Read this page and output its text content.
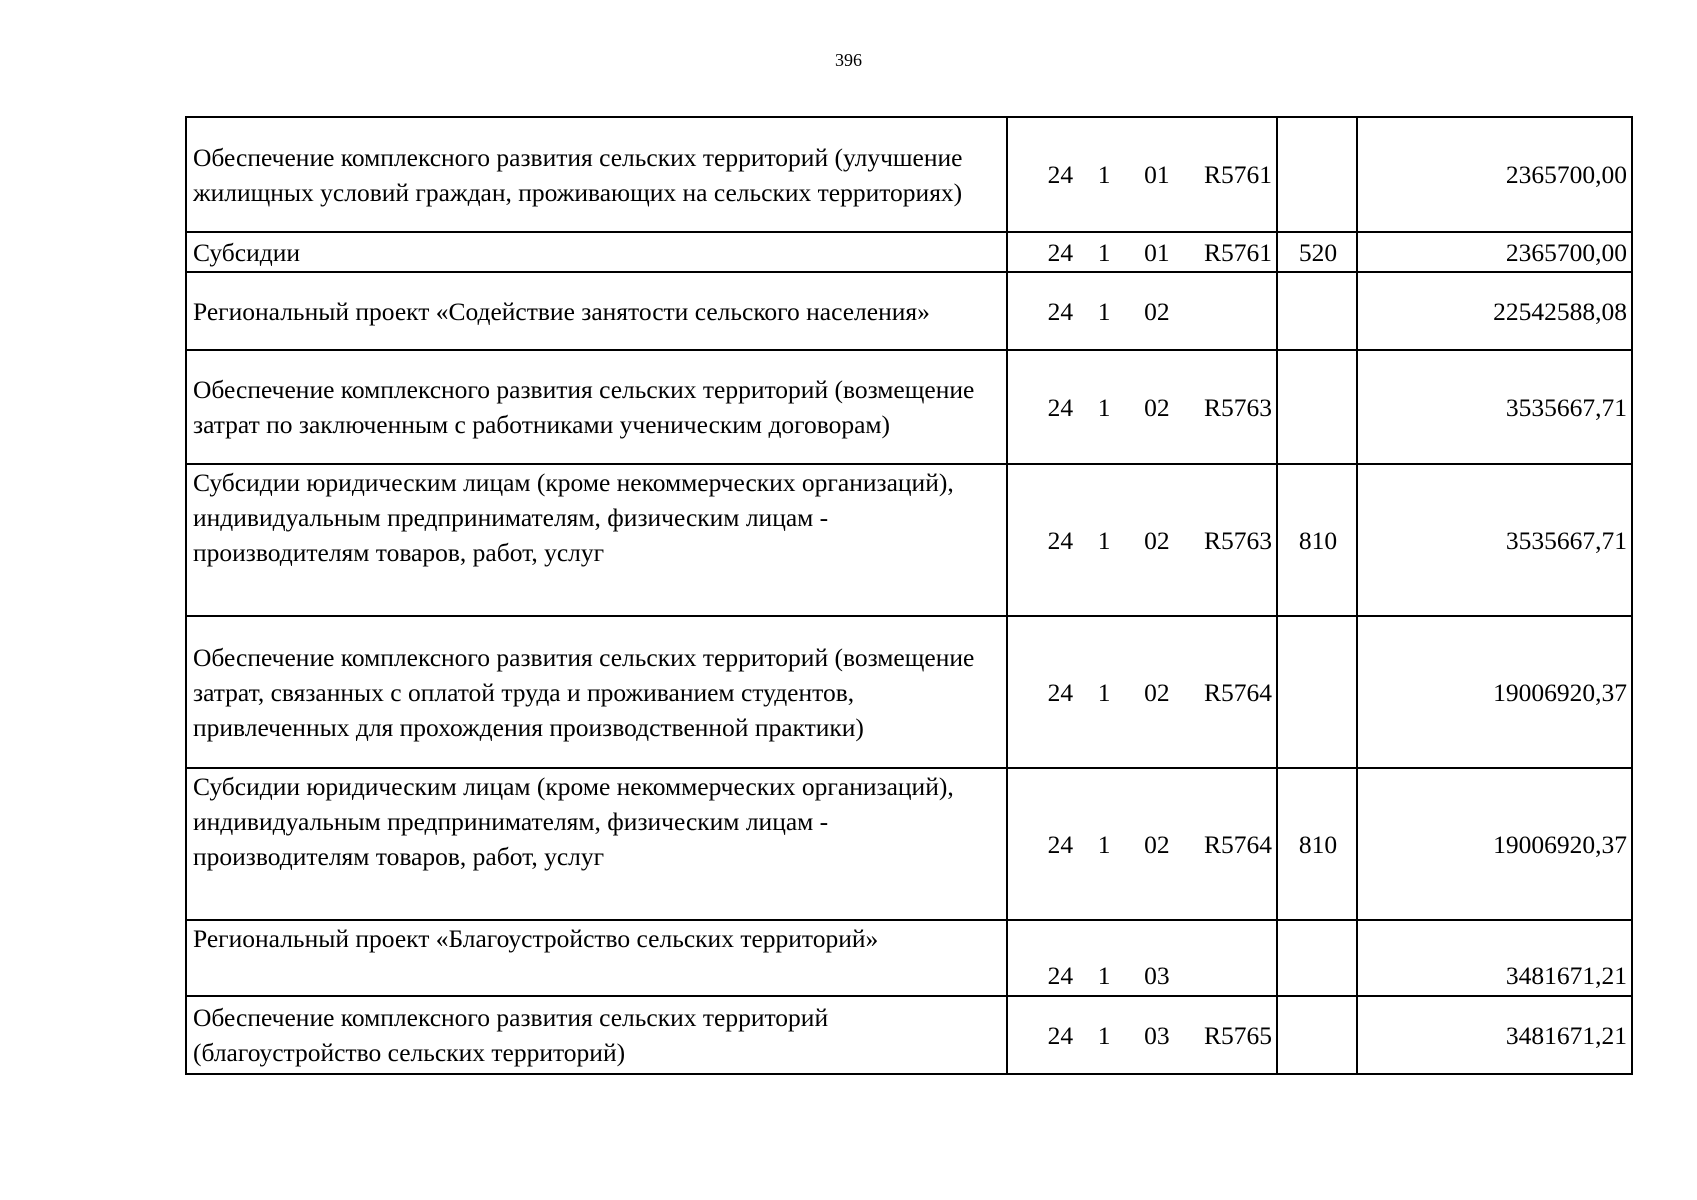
396
Обеспечение комплексного развития сельских территорий (улучшение жилищных условий граждан, проживающих на сельских территориях)	24 1 01 R5761		2365700,00
Субсидии	24 1 01 R5761	520	2365700,00
Региональный проект «Содействие занятости сельского населения»	24 1 02		22542588,08
Обеспечение комплексного развития сельских территорий (возмещение затрат по заключенным с работниками ученическим договорам)	24 1 02 R5763		3535667,71
Субсидии юридическим лицам (кроме некоммерческих организаций), индивидуальным предпринимателям, физическим лицам - производителям товаров, работ, услуг	24 1 02 R5763	810	3535667,71
Обеспечение комплексного развития сельских территорий (возмещение затрат, связанных с оплатой труда и проживанием студентов, привлеченных для прохождения производственной практики)	24 1 02 R5764		19006920,37
Субсидии юридическим лицам (кроме некоммерческих организаций), индивидуальным предпринимателям, физическим лицам - производителям товаров, работ, услуг	24 1 02 R5764	810	19006920,37
Региональный проект «Благоустройство сельских территорий»	24 1 03		3481671,21
Обеспечение комплексного развития сельских территорий (благоустройство сельских территорий)	24 1 03 R5765		3481671,21
